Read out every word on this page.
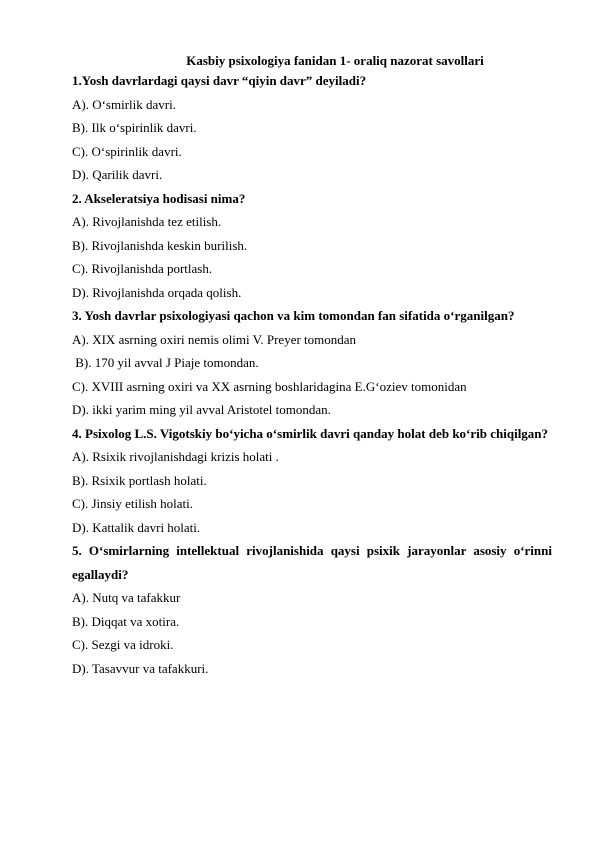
Kasbiy psixologiya fanidan 1- oraliq nazorat savollari
1.Yosh davrlardagi qaysi davr “qiyin davr” deyiladi?
A). O‘smirlik davri.
B). Ilk o‘spirinlik davri.
C). O‘spirinlik davri.
D). Qarilik davri.
2. Akseleratsiya hodisasi nima?
A). Rivojlanishda tez etilish.
B). Rivojlanishda keskin burilish.
C). Rivojlanishda portlash.
D). Rivojlanishda orqada qolish.
3. Yosh davrlar psixologiyasi qachon va kim tomondan fan sifatida o‘rganilgan?
A). XIX asrning oxiri nemis olimi V. Preyer tomondan
B). 170 yil avval J Piaje tomondan.
C). XVIII asrning oxiri va XX asrning boshlaridagina E.G‘oziev tomonidan
D). ikki yarim ming yil avval Aristotel tomondan.
4. Psixolog L.S. Vigotskiy bo‘yicha o‘smirlik davri qanday holat deb ko‘rib chiqilgan?
A). Rsixik rivojlanishdagi krizis holati .
B). Rsixik portlash holati.
C). Jinsiy etilish holati.
D). Kattalik davri holati.
5. O‘smirlarning intellektual rivojlanishida qaysi psixik jarayonlar asosiy o‘rinni egallaydi?
A). Nutq va tafakkur
B). Diqqat va xotira.
C). Sezgi va idroki.
D). Tasavvur va tafakkuri.
